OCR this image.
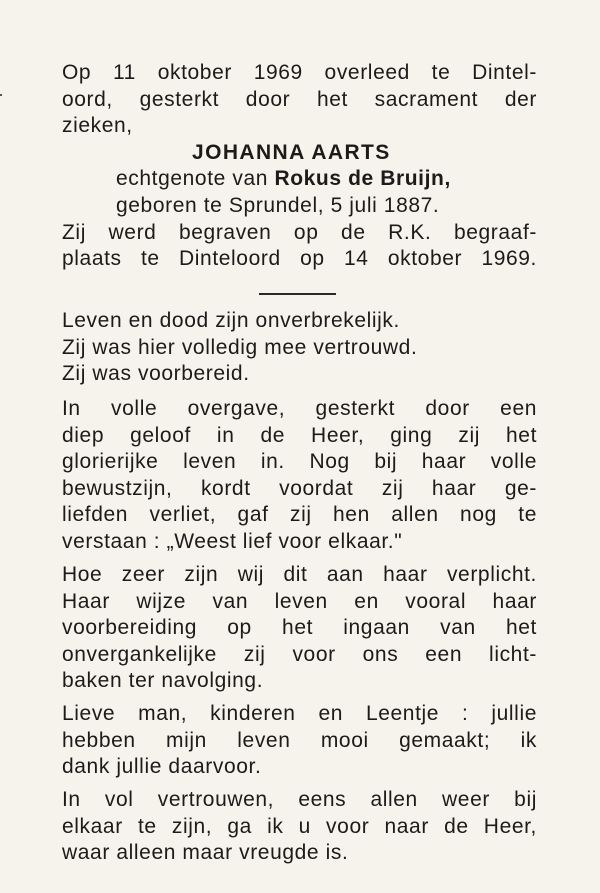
Op 11 oktober 1969 overleed te Dintel-
oord, gesterkt door het sacrament der
zieken,
JOHANNA AARTS
echtgenote van Rokus de Bruijn,
geboren te Sprundel, 5 juli 1887.
Zij werd begraven op de R.K. begraaf-
plaats te Dinteloord op 14 oktober 1969.
Leven en dood zijn onverbrekelijk.
Zij was hier volledig mee vertrouwd.
Zij was voorbereid.
In volle overgave, gesterkt door een
diep geloof in de Heer, ging zij het
glorierijke leven in. Nog bij haar volle
bewustzijn, kordt voordat zij haar ge-
liefden verliet, gaf zij hen allen nog te
verstaan : „Weest lief voor elkaar."
Hoe zeer zijn wij dit aan haar verplicht.
Haar wijze van leven en vooral haar
voorbereiding op het ingaan van het
onvergankelijke zij voor ons een licht-
baken ter navolging.
Lieve man, kinderen en Leentje : jullie
hebben mijn leven mooi gemaakt; ik
dank jullie daarvoor.
In vol vertrouwen, eens allen weer bij
elkaar te zijn, ga ik u voor naar de Heer,
waar alleen maar vreugde is.
